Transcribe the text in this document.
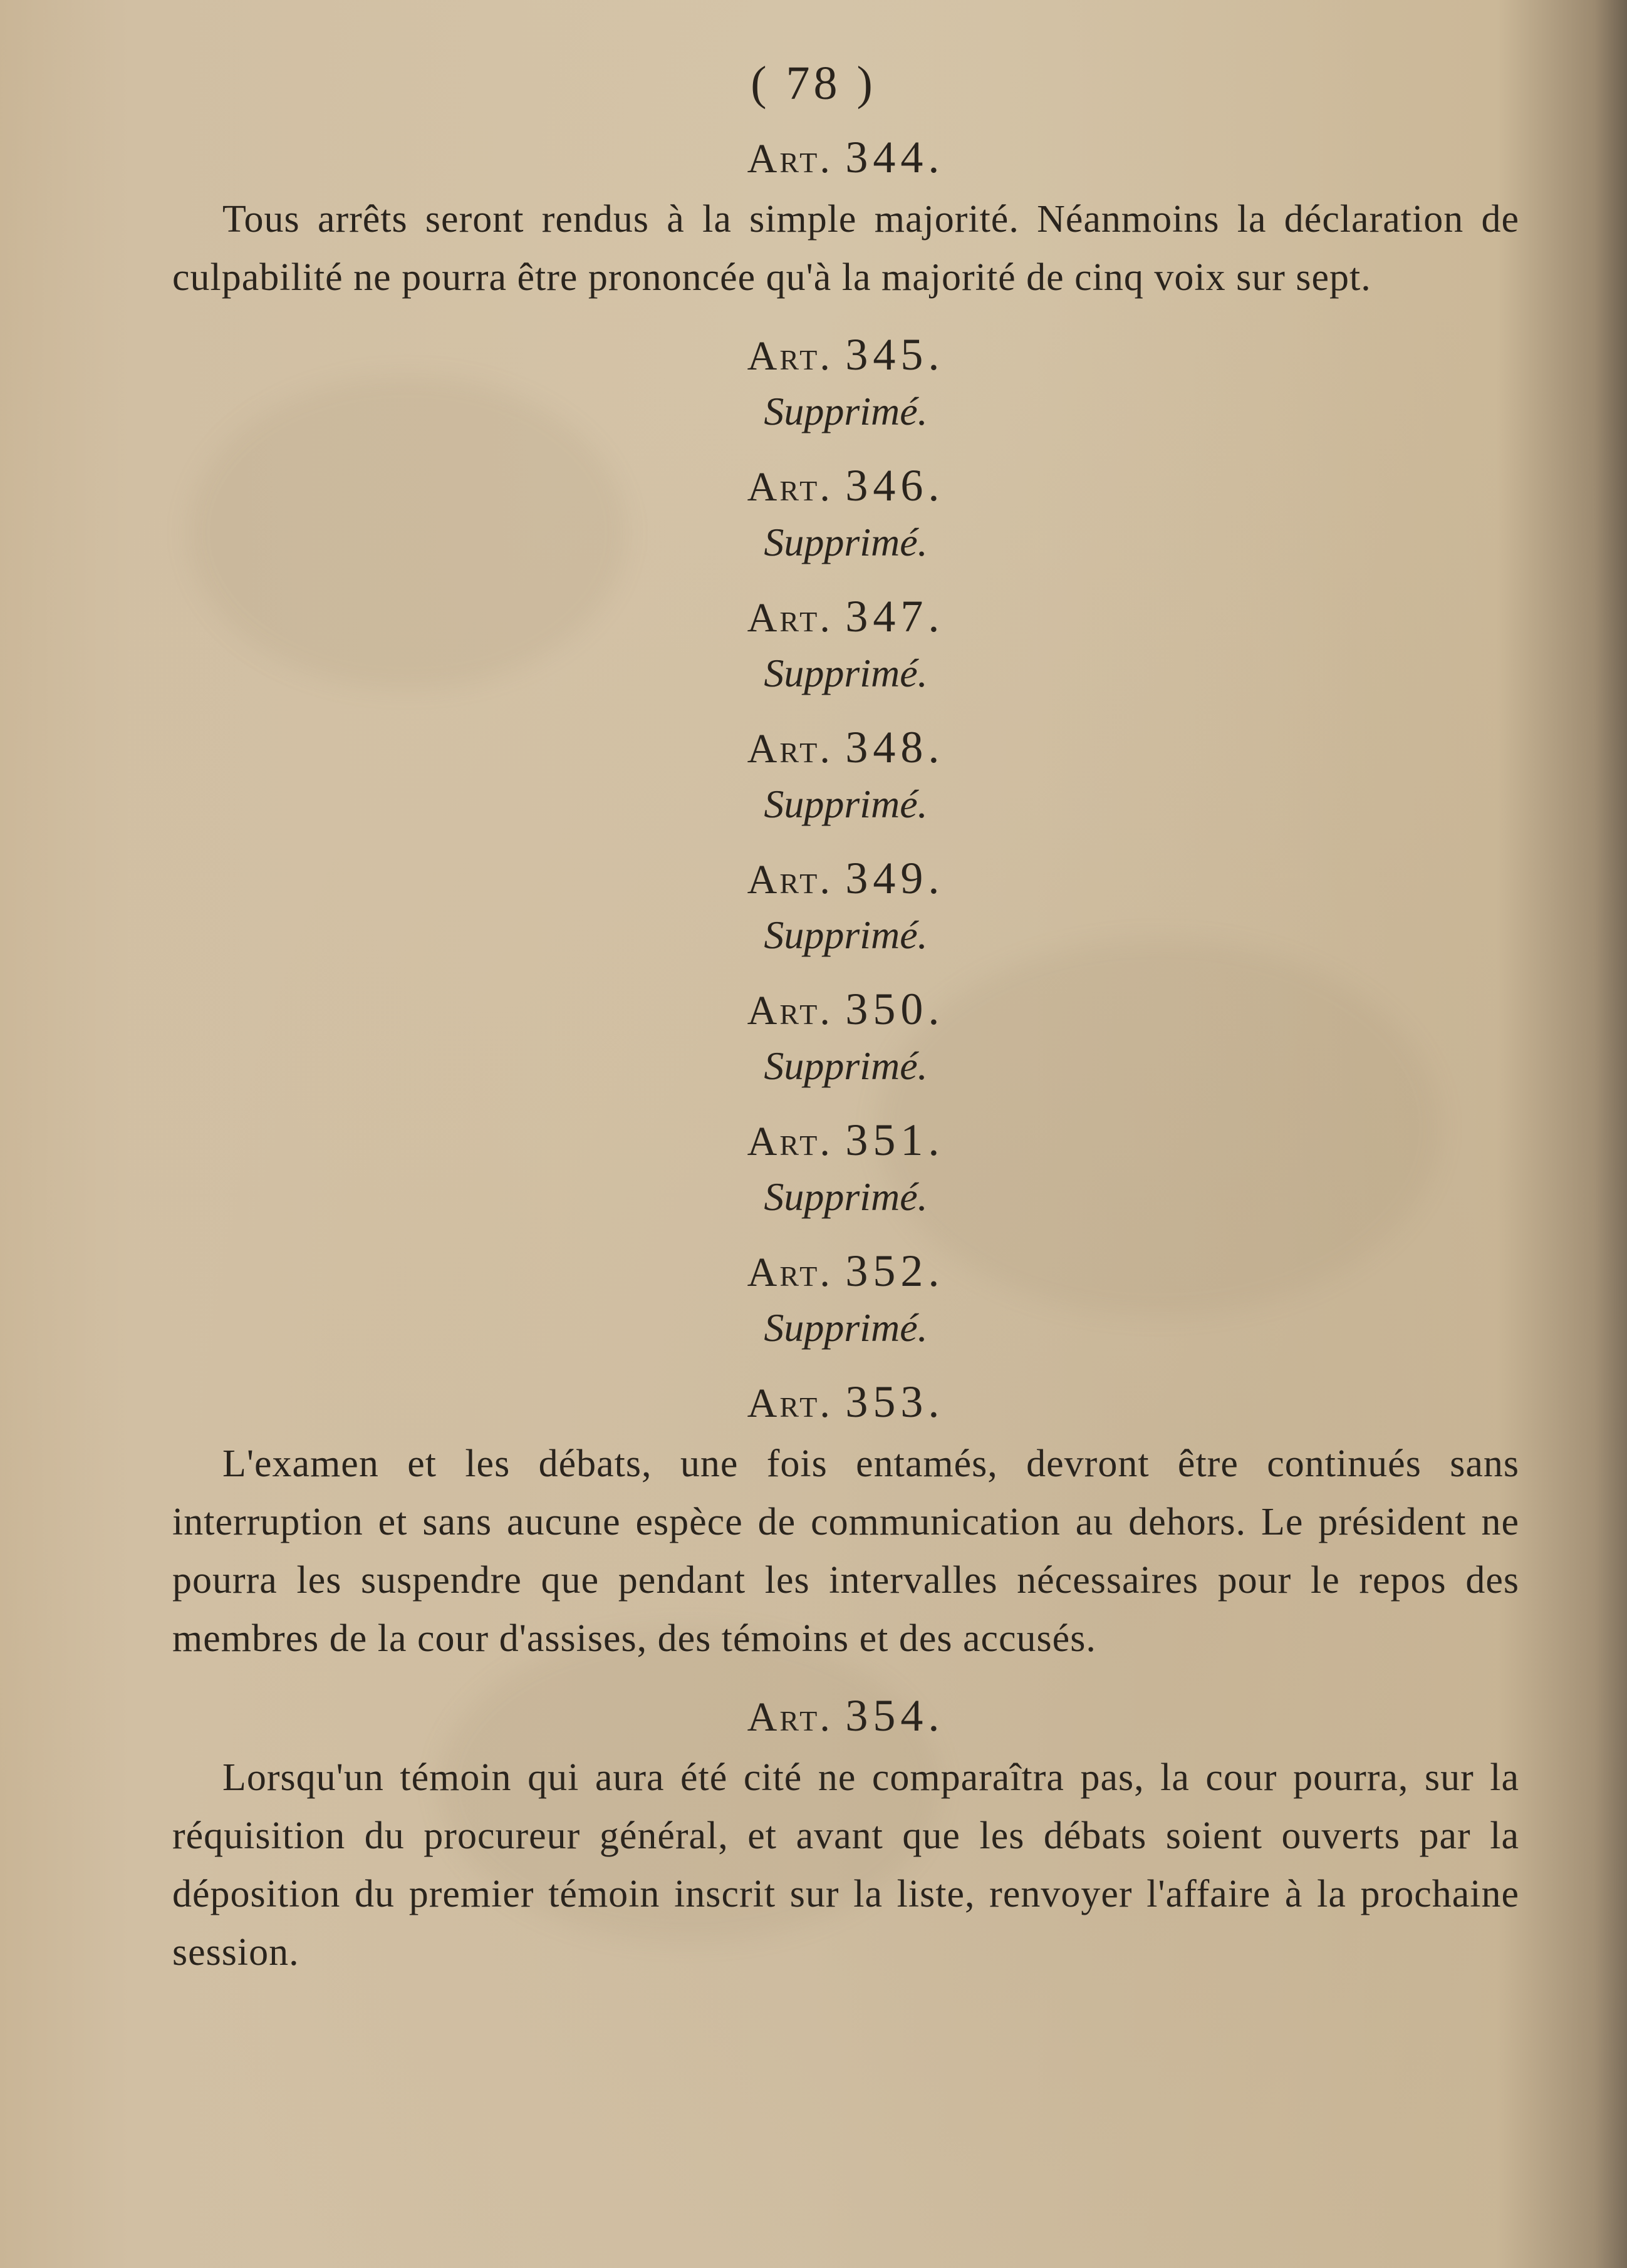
( 78 )

Art. 344.

Tous arrêts seront rendus à la simple majorité. Néanmoins la déclaration de culpabilité ne pourra être prononcée qu'à la majorité de cinq voix sur sept.

Art. 345.

Supprimé.

Art. 346.

Supprimé.

Art. 347.

Supprimé.

Art. 348.

Supprimé.

Art. 349.

Supprimé.

Art. 350.

Supprimé.

Art. 351.

Supprimé.

Art. 352.

Supprimé.

Art. 353.

L'examen et les débats, une fois entamés, devront être continués sans interruption et sans aucune espèce de communication au dehors. Le président ne pourra les suspendre que pendant les intervalles nécessaires pour le repos des membres de la cour d'assises, des témoins et des accusés.

Art. 354.

Lorsqu'un témoin qui aura été cité ne comparaîtra pas, la cour pourra, sur la réquisition du procureur général, et avant que les débats soient ouverts par la déposition du premier témoin inscrit sur la liste, renvoyer l'affaire à la prochaine session.
